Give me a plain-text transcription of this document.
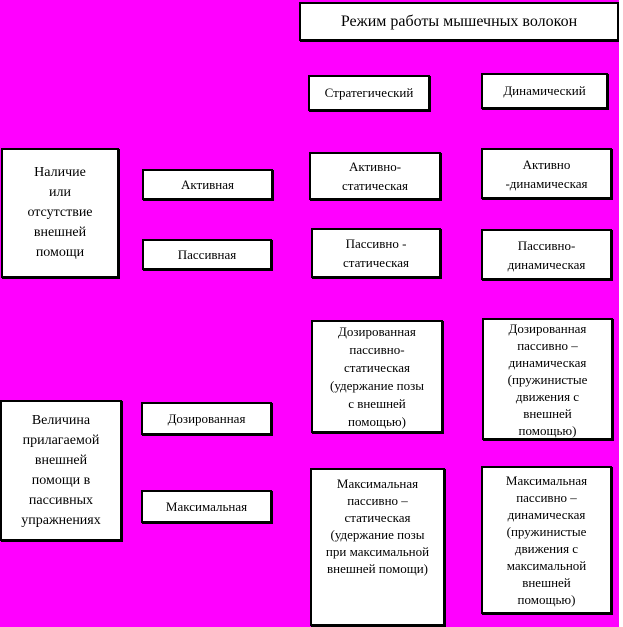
Режим работы мышечных волокон
Стратегический	Динамический
Наличие
или
отсутствие
внешней
помощи
Активная
Пассивная
Активно-
статическая
Активно
-динамическая
Пассивно -
статическая
Пассивно-
динамическая
Величина
прилагаемой
внешней
помощи в
пассивных
упражнениях
Дозированная
Максимальная
Дозированная
пассивно-
статическая
(удержание позы
с внешней
помощью)
Дозированная
пассивно –
динамическая
(пружинистые
движения с
внешней
помощью)
Максимальная
пассивно –
статическая
(удержание позы
при максимальной
внешней помощи)
Максимальная
пассивно –
динамическая
(пружинистые
движения с
максимальной
внешней
помощью)
